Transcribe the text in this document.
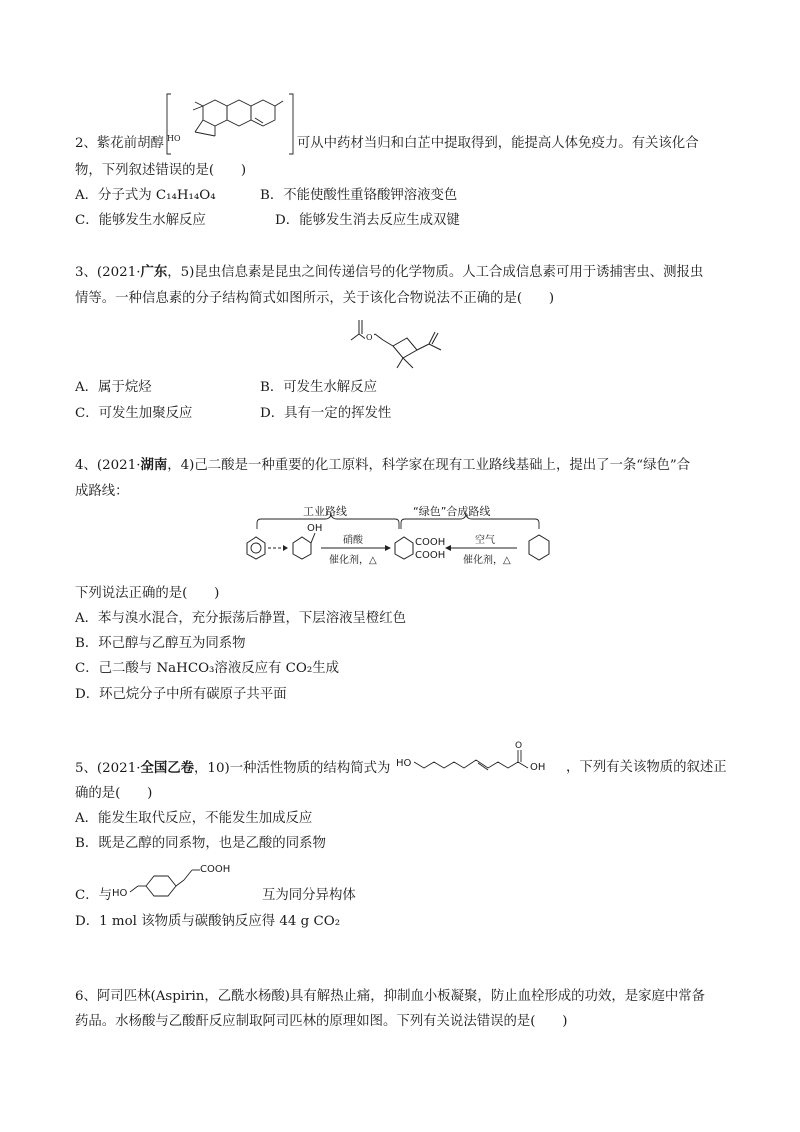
HO
2、紫花前胡醇	可从中药材当归和白芷中提取得到，能提高人体免疫力。有关该化合
物，下列叙述错误的是(　　)
A．分子式为 C₁₄H₁₄O₄	B．不能使酸性重铬酸钾溶液变色
C．能够发生水解反应	D．能够发生消去反应生成双键
3、(2021·广东，5)昆虫信息素是昆虫之间传递信号的化学物质。人工合成信息素可用于诱捕害虫、测报虫
情等。一种信息素的分子结构简式如图所示，关于该化合物说法不正确的是(　　)
O
A．属于烷烃	B．可发生水解反应
C．可发生加聚反应	D．具有一定的挥发性
4、(2021·湖南，4)己二酸是一种重要的化工原料，科学家在现有工业路线基础上，提出了一条“绿色”合
成路线：
工业路线	“绿色”合成路线
OH
硝酸
催化剂，△
COOH
COOH
空气
催化剂，△
下列说法正确的是(　　)
A．苯与溴水混合，充分振荡后静置，下层溶液呈橙红色
B．环己醇与乙醇互为同系物
C．己二酸与 NaHCO₃溶液反应有 CO₂生成
D．环己烷分子中所有碳原子共平面
5、(2021·全国乙卷，10)一种活性物质的结构简式为 HO
O
OH ，下列有关该物质的叙述正
确的是(　　)
A．能发生取代反应，不能发生加成反应
B．既是乙醇的同系物，也是乙酸的同系物
C．与 HO
COOH
互为同分异构体
D．1 mol 该物质与碳酸钠反应得 44 g CO₂
6、阿司匹林(Aspirin，乙酰水杨酸)具有解热止痛，抑制血小板凝聚，防止血栓形成的功效，是家庭中常备
药品。水杨酸与乙酸酐反应制取阿司匹林的原理如图。下列有关说法错误的是(　　)
